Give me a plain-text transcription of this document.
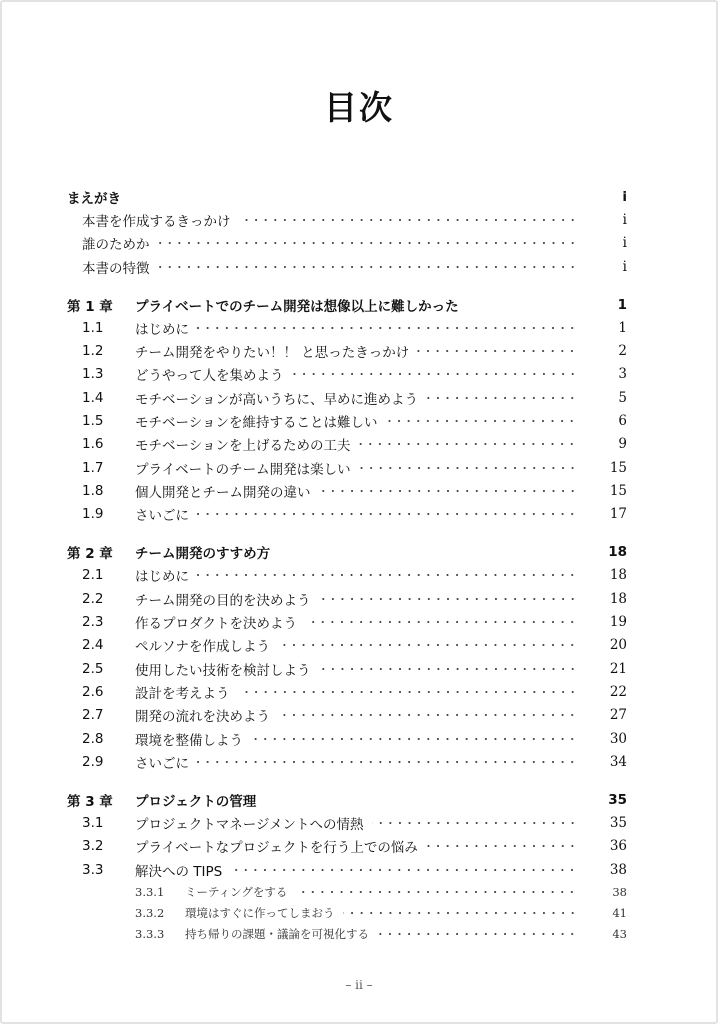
目次
まえがき	i
本書を作成するきっかけ	i
誰のためか	i
本書の特徴	i
第 1 章	プライベートでのチーム開発は想像以上に難しかった	1
1.1	はじめに	1
1.2	チーム開発をやりたい！！ と思ったきっかけ	2
1.3	どうやって人を集めよう	3
1.4	モチベーションが高いうちに、早めに進めよう	5
1.5	モチベーションを維持することは難しい	6
1.6	モチベーションを上げるための工夫	9
1.7	プライベートのチーム開発は楽しい	15
1.8	個人開発とチーム開発の違い	15
1.9	さいごに	17
第 2 章	チーム開発のすすめ方	18
2.1	はじめに	18
2.2	チーム開発の目的を決めよう	18
2.3	作るプロダクトを決めよう	19
2.4	ペルソナを作成しよう	20
2.5	使用したい技術を検討しよう	21
2.6	設計を考えよう	22
2.7	開発の流れを決めよう	27
2.8	環境を整備しよう	30
2.9	さいごに	34
第 3 章	プロジェクトの管理	35
3.1	プロジェクトマネージメントへの情熱	35
3.2	プライベートなプロジェクトを行う上での悩み	36
3.3	解決への TIPS	38
3.3.1	ミーティングをする	38
3.3.2	環境はすぐに作ってしまおう	41
3.3.3	持ち帰りの課題・議論を可視化する	43
– ii –
